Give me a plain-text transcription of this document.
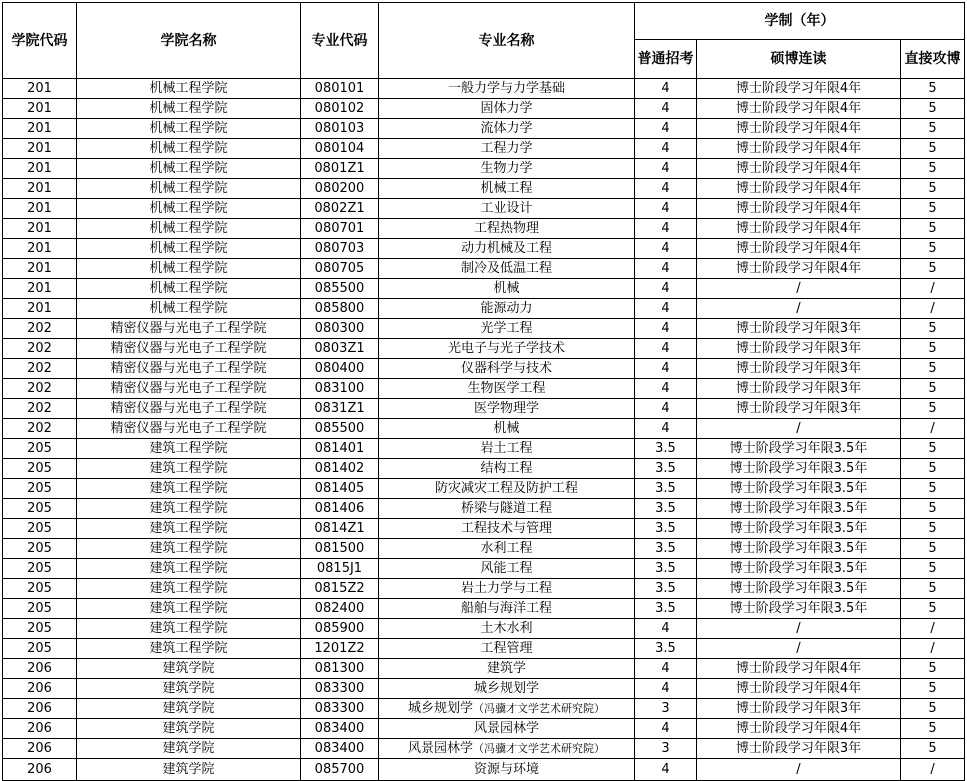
学院代码	学院名称	专业代码	专业名称	学制（年）		
				普通招考	硕博连读	直接攻博
201	机械工程学院	080101	一般力学与力学基础	4	博士阶段学习年限4年	5
201	机械工程学院	080102	固体力学	4	博士阶段学习年限4年	5
201	机械工程学院	080103	流体力学	4	博士阶段学习年限4年	5
201	机械工程学院	080104	工程力学	4	博士阶段学习年限4年	5
201	机械工程学院	0801Z1	生物力学	4	博士阶段学习年限4年	5
201	机械工程学院	080200	机械工程	4	博士阶段学习年限4年	5
201	机械工程学院	0802Z1	工业设计	4	博士阶段学习年限4年	5
201	机械工程学院	080701	工程热物理	4	博士阶段学习年限4年	5
201	机械工程学院	080703	动力机械及工程	4	博士阶段学习年限4年	5
201	机械工程学院	080705	制冷及低温工程	4	博士阶段学习年限4年	5
201	机械工程学院	085500	机械	4	/	/
201	机械工程学院	085800	能源动力	4	/	/
202	精密仪器与光电子工程学院	080300	光学工程	4	博士阶段学习年限3年	5
202	精密仪器与光电子工程学院	0803Z1	光电子与光子学技术	4	博士阶段学习年限3年	5
202	精密仪器与光电子工程学院	080400	仪器科学与技术	4	博士阶段学习年限3年	5
202	精密仪器与光电子工程学院	083100	生物医学工程	4	博士阶段学习年限3年	5
202	精密仪器与光电子工程学院	0831Z1	医学物理学	4	博士阶段学习年限3年	5
202	精密仪器与光电子工程学院	085500	机械	4	/	/
205	建筑工程学院	081401	岩土工程	3.5	博士阶段学习年限3.5年	5
205	建筑工程学院	081402	结构工程	3.5	博士阶段学习年限3.5年	5
205	建筑工程学院	081405	防灾减灾工程及防护工程	3.5	博士阶段学习年限3.5年	5
205	建筑工程学院	081406	桥梁与隧道工程	3.5	博士阶段学习年限3.5年	5
205	建筑工程学院	0814Z1	工程技术与管理	3.5	博士阶段学习年限3.5年	5
205	建筑工程学院	081500	水利工程	3.5	博士阶段学习年限3.5年	5
205	建筑工程学院	0815J1	风能工程	3.5	博士阶段学习年限3.5年	5
205	建筑工程学院	0815Z2	岩土力学与工程	3.5	博士阶段学习年限3.5年	5
205	建筑工程学院	082400	船舶与海洋工程	3.5	博士阶段学习年限3.5年	5
205	建筑工程学院	085900	土木水利	4	/	/
205	建筑工程学院	1201Z2	工程管理	3.5	/	/
206	建筑学院	081300	建筑学	4	博士阶段学习年限4年	5
206	建筑学院	083300	城乡规划学	4	博士阶段学习年限4年	5
206	建筑学院	083300	城乡规划学（冯骥才文学艺术研究院）	3	博士阶段学习年限3年	5
206	建筑学院	083400	风景园林学	4	博士阶段学习年限4年	5
206	建筑学院	083400	风景园林学（冯骥才文学艺术研究院）	3	博士阶段学习年限3年	5
206	建筑学院	085700	资源与环境	4	/	/
